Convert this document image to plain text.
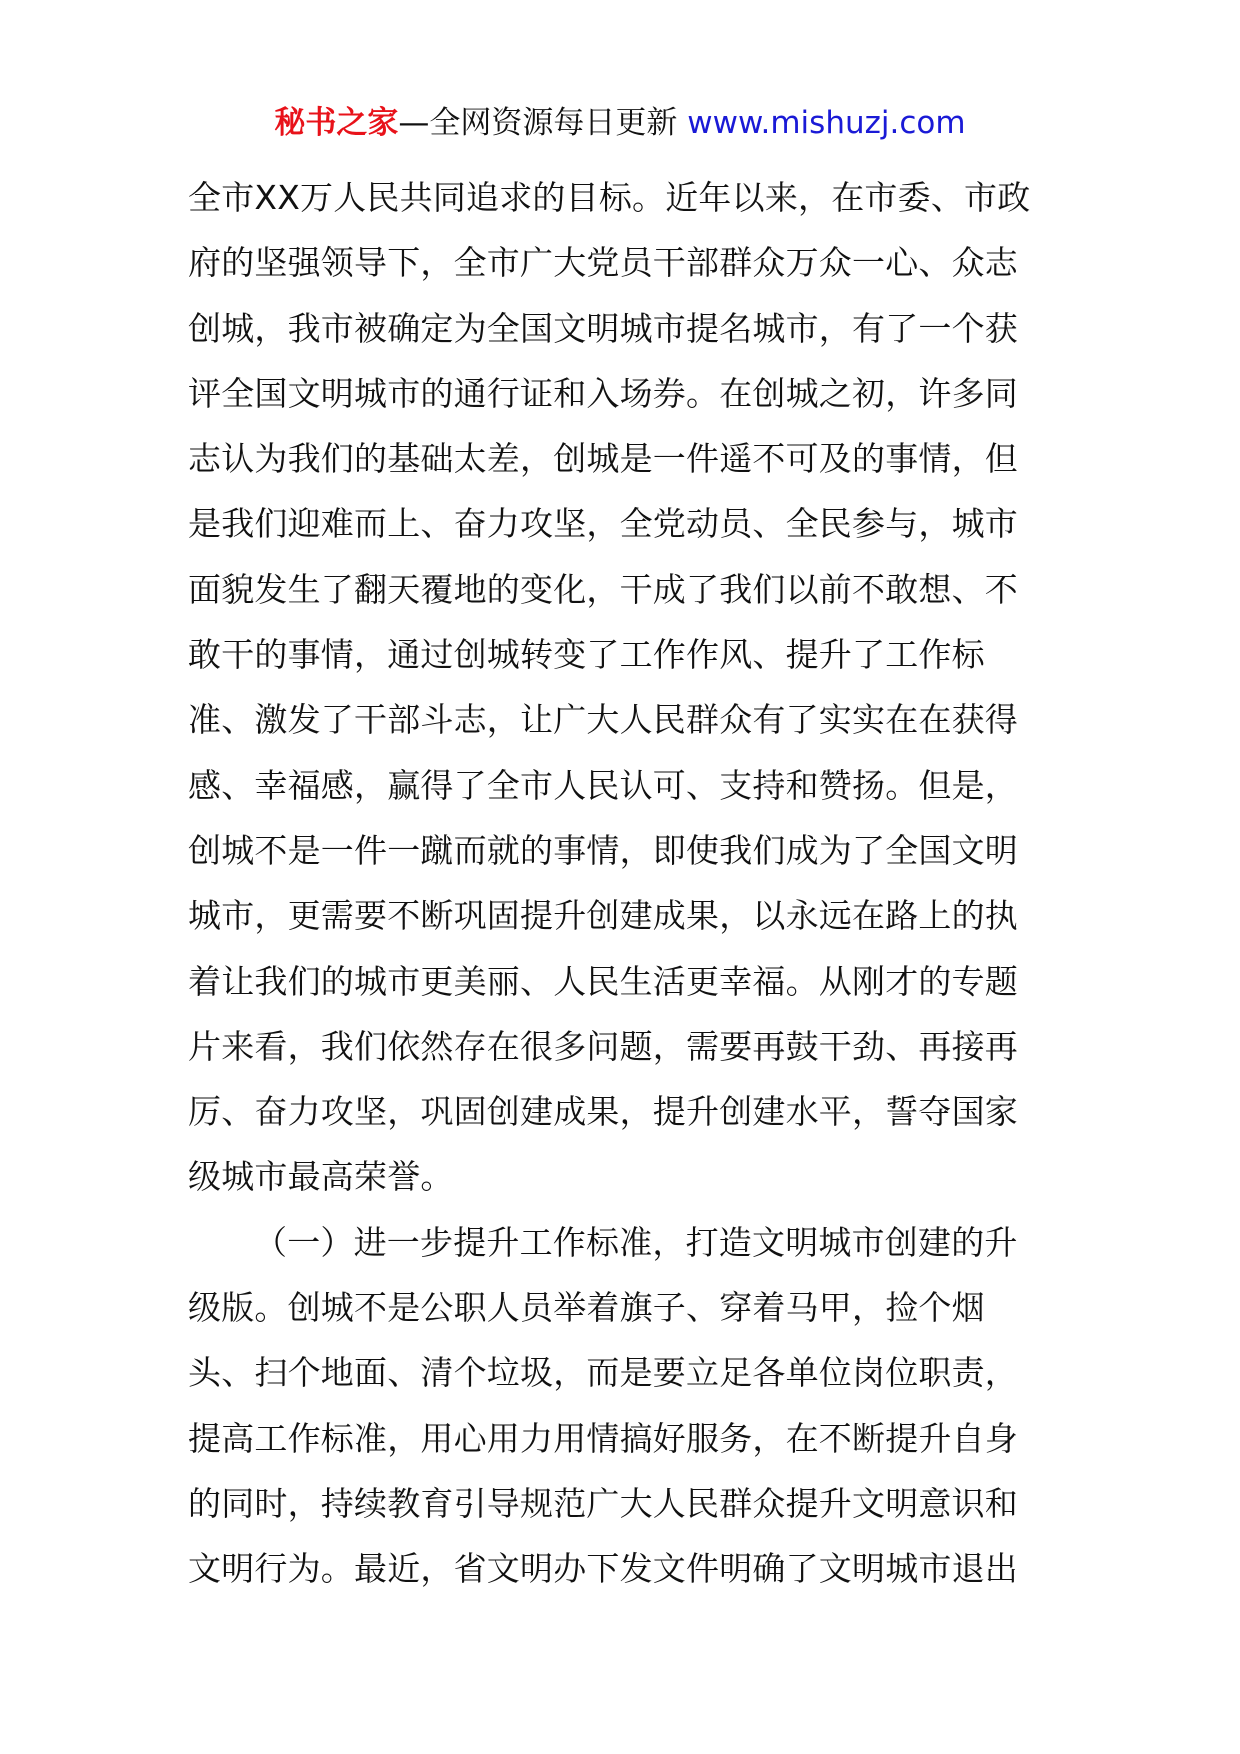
秘书之家—全网资源每日更新 www.mishuzj.com
全市XX万人民共同追求的目标。近年以来，在市委、市政
府的坚强领导下，全市广大党员干部群众万众一心、众志
创城，我市被确定为全国文明城市提名城市，有了一个获
评全国文明城市的通行证和入场券。在创城之初，许多同
志认为我们的基础太差，创城是一件遥不可及的事情，但
是我们迎难而上、奋力攻坚，全党动员、全民参与，城市
面貌发生了翻天覆地的变化，干成了我们以前不敢想、不
敢干的事情，通过创城转变了工作作风、提升了工作标
准、激发了干部斗志，让广大人民群众有了实实在在获得
感、幸福感，赢得了全市人民认可、支持和赞扬。但是，
创城不是一件一蹴而就的事情，即使我们成为了全国文明
城市，更需要不断巩固提升创建成果，以永远在路上的执
着让我们的城市更美丽、人民生活更幸福。从刚才的专题
片来看，我们依然存在很多问题，需要再鼓干劲、再接再
厉、奋力攻坚，巩固创建成果，提升创建水平，誓夺国家
级城市最高荣誉。
（一）进一步提升工作标准，打造文明城市创建的升
级版。创城不是公职人员举着旗子、穿着马甲，捡个烟
头、扫个地面、清个垃圾，而是要立足各单位岗位职责，
提高工作标准，用心用力用情搞好服务，在不断提升自身
的同时，持续教育引导规范广大人民群众提升文明意识和
文明行为。最近，省文明办下发文件明确了文明城市退出
